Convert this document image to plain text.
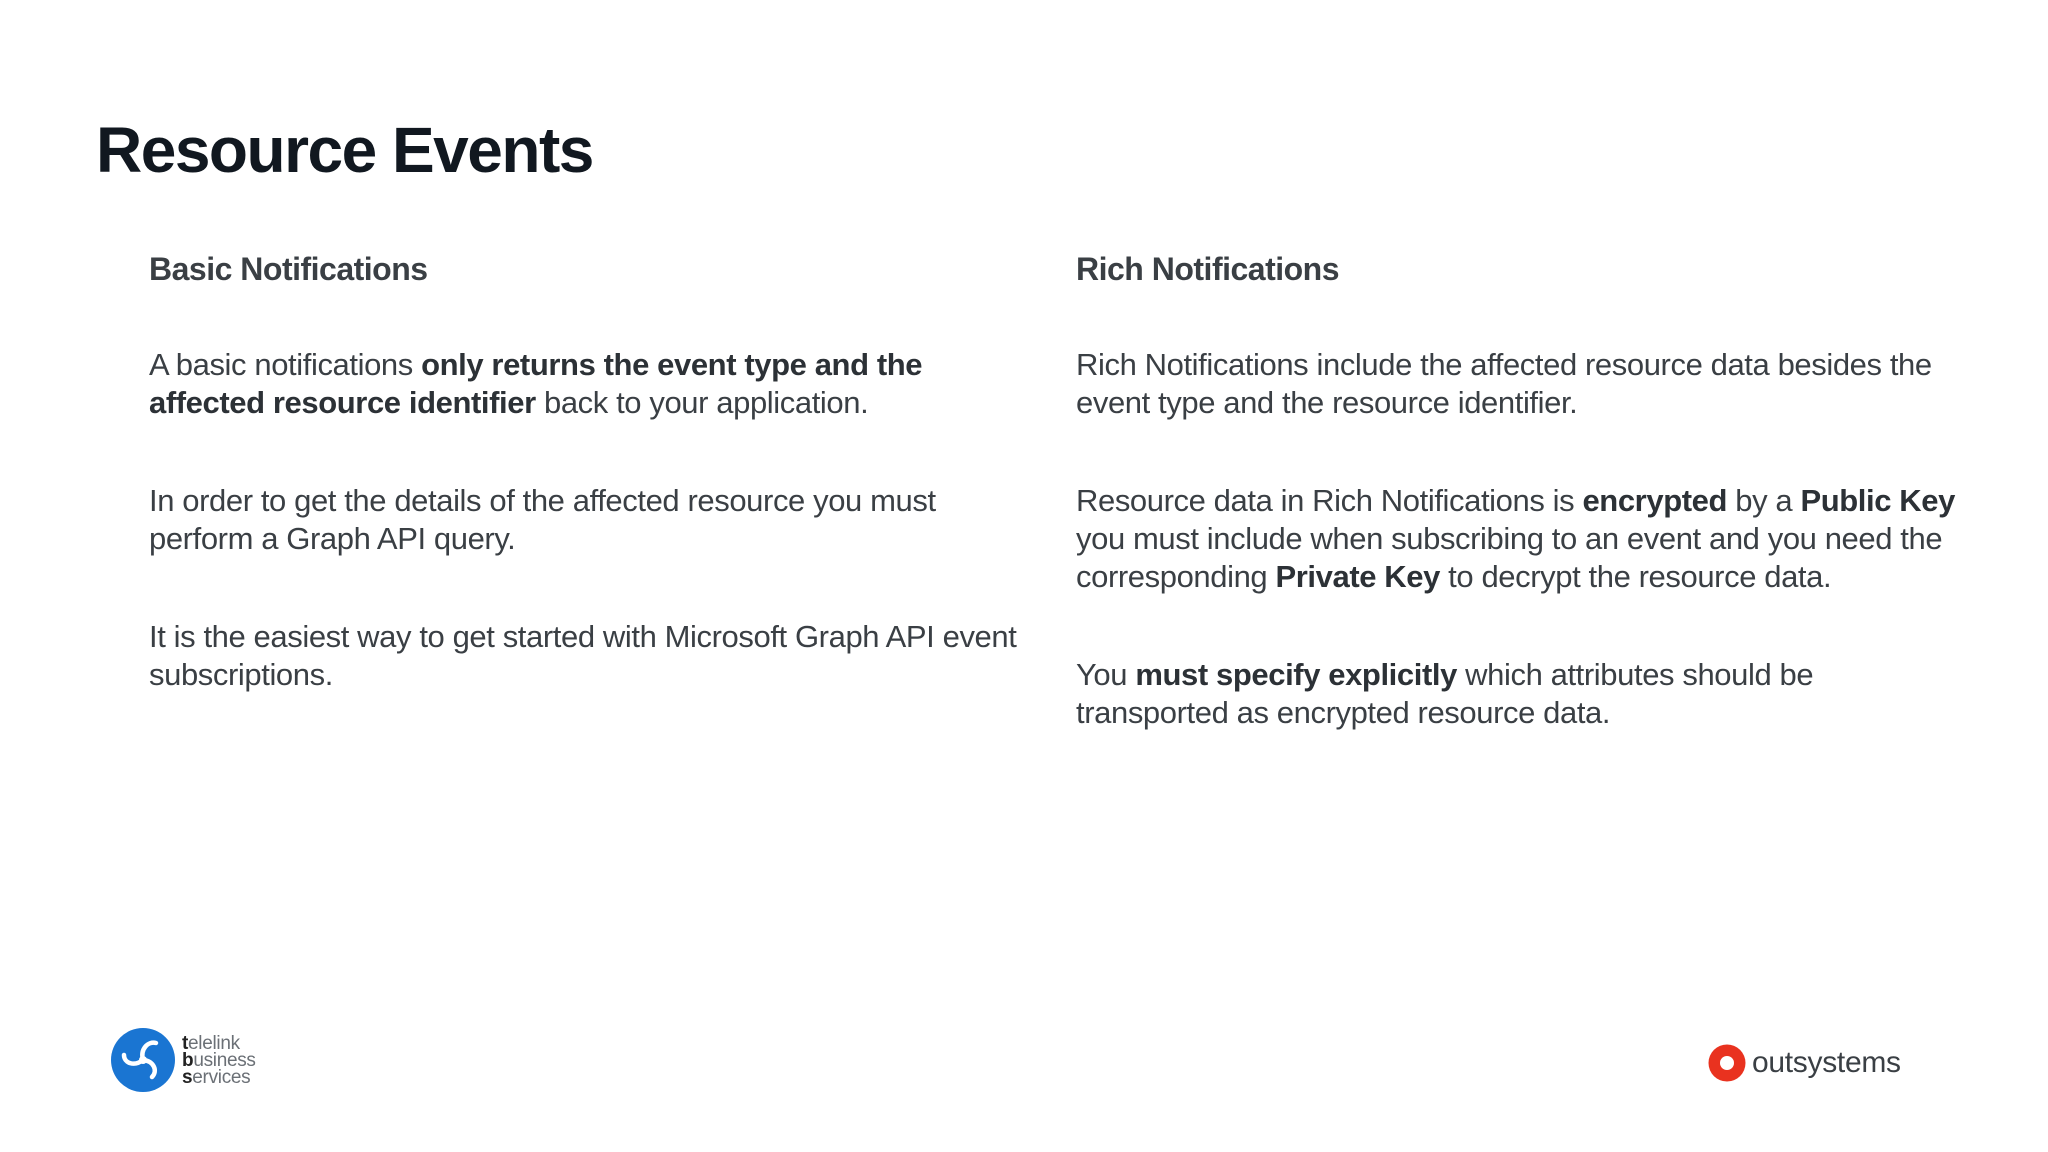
Resource Events
Basic Notifications

A basic notifications only returns the event type and the affected resource identifier back to your application.

In order to get the details of the affected resource you must perform a Graph API query.

It is the easiest way to get started with Microsoft Graph API event subscriptions.

Rich Notifications

Rich Notifications include the affected resource data besides the event type and the resource identifier.

Resource data in Rich Notifications is encrypted by a Public Key you must include when subscribing to an event and you need the corresponding Private Key to decrypt the resource data.

You must specify explicitly which attributes should be transported as encrypted resource data.

telelink
business
services	outsystems
